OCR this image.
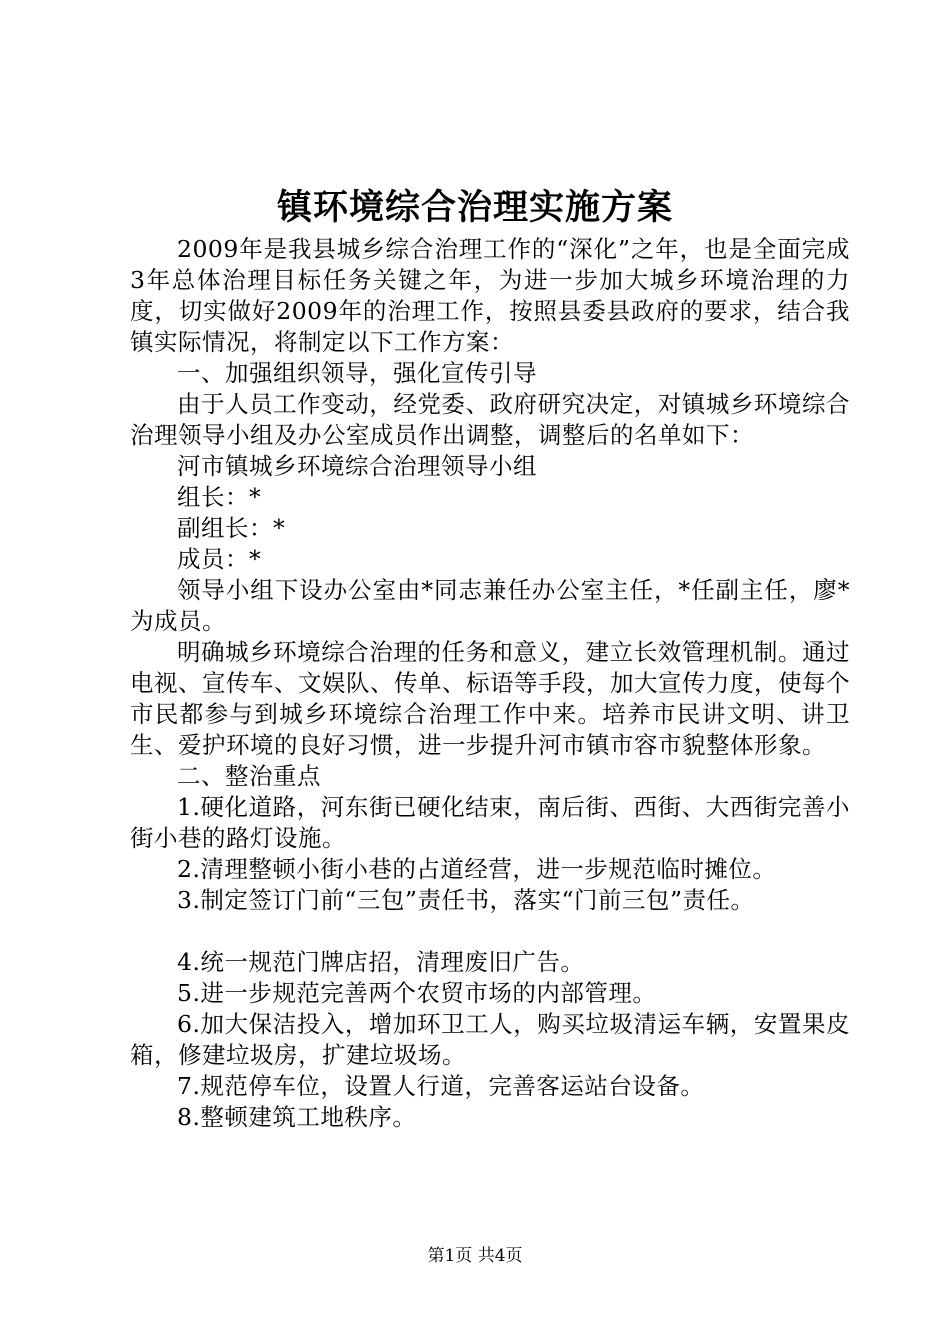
镇环境综合治理实施方案

2009年是我县城乡综合治理工作的“深化”之年，也是全面完成3年总体治理目标任务关键之年，为进一步加大城乡环境治理的力度，切实做好2009年的治理工作，按照县委县政府的要求，结合我镇实际情况，将制定以下工作方案：

一、加强组织领导，强化宣传引导

由于人员工作变动，经党委、政府研究决定，对镇城乡环境综合治理领导小组及办公室成员作出调整，调整后的名单如下：

河市镇城乡环境综合治理领导小组

组长：*

副组长：*

成员：*

领导小组下设办公室由*同志兼任办公室主任，*任副主任，廖*为成员。

明确城乡环境综合治理的任务和意义，建立长效管理机制。通过电视、宣传车、文娱队、传单、标语等手段，加大宣传力度，使每个市民都参与到城乡环境综合治理工作中来。培养市民讲文明、讲卫生、爱护环境的良好习惯，进一步提升河市镇市容市貌整体形象。

二、整治重点

1.硬化道路，河东街已硬化结束，南后街、西街、大西街完善小街小巷的路灯设施。

2.清理整顿小街小巷的占道经营，进一步规范临时摊位。

3.制定签订门前“三包”责任书，落实“门前三包”责任。

4.统一规范门牌店招，清理废旧广告。

5.进一步规范完善两个农贸市场的内部管理。

6.加大保洁投入，增加环卫工人，购买垃圾清运车辆，安置果皮箱，修建垃圾房，扩建垃圾场。

7.规范停车位，设置人行道，完善客运站台设备。

8.整顿建筑工地秩序。

第1页 共4页
